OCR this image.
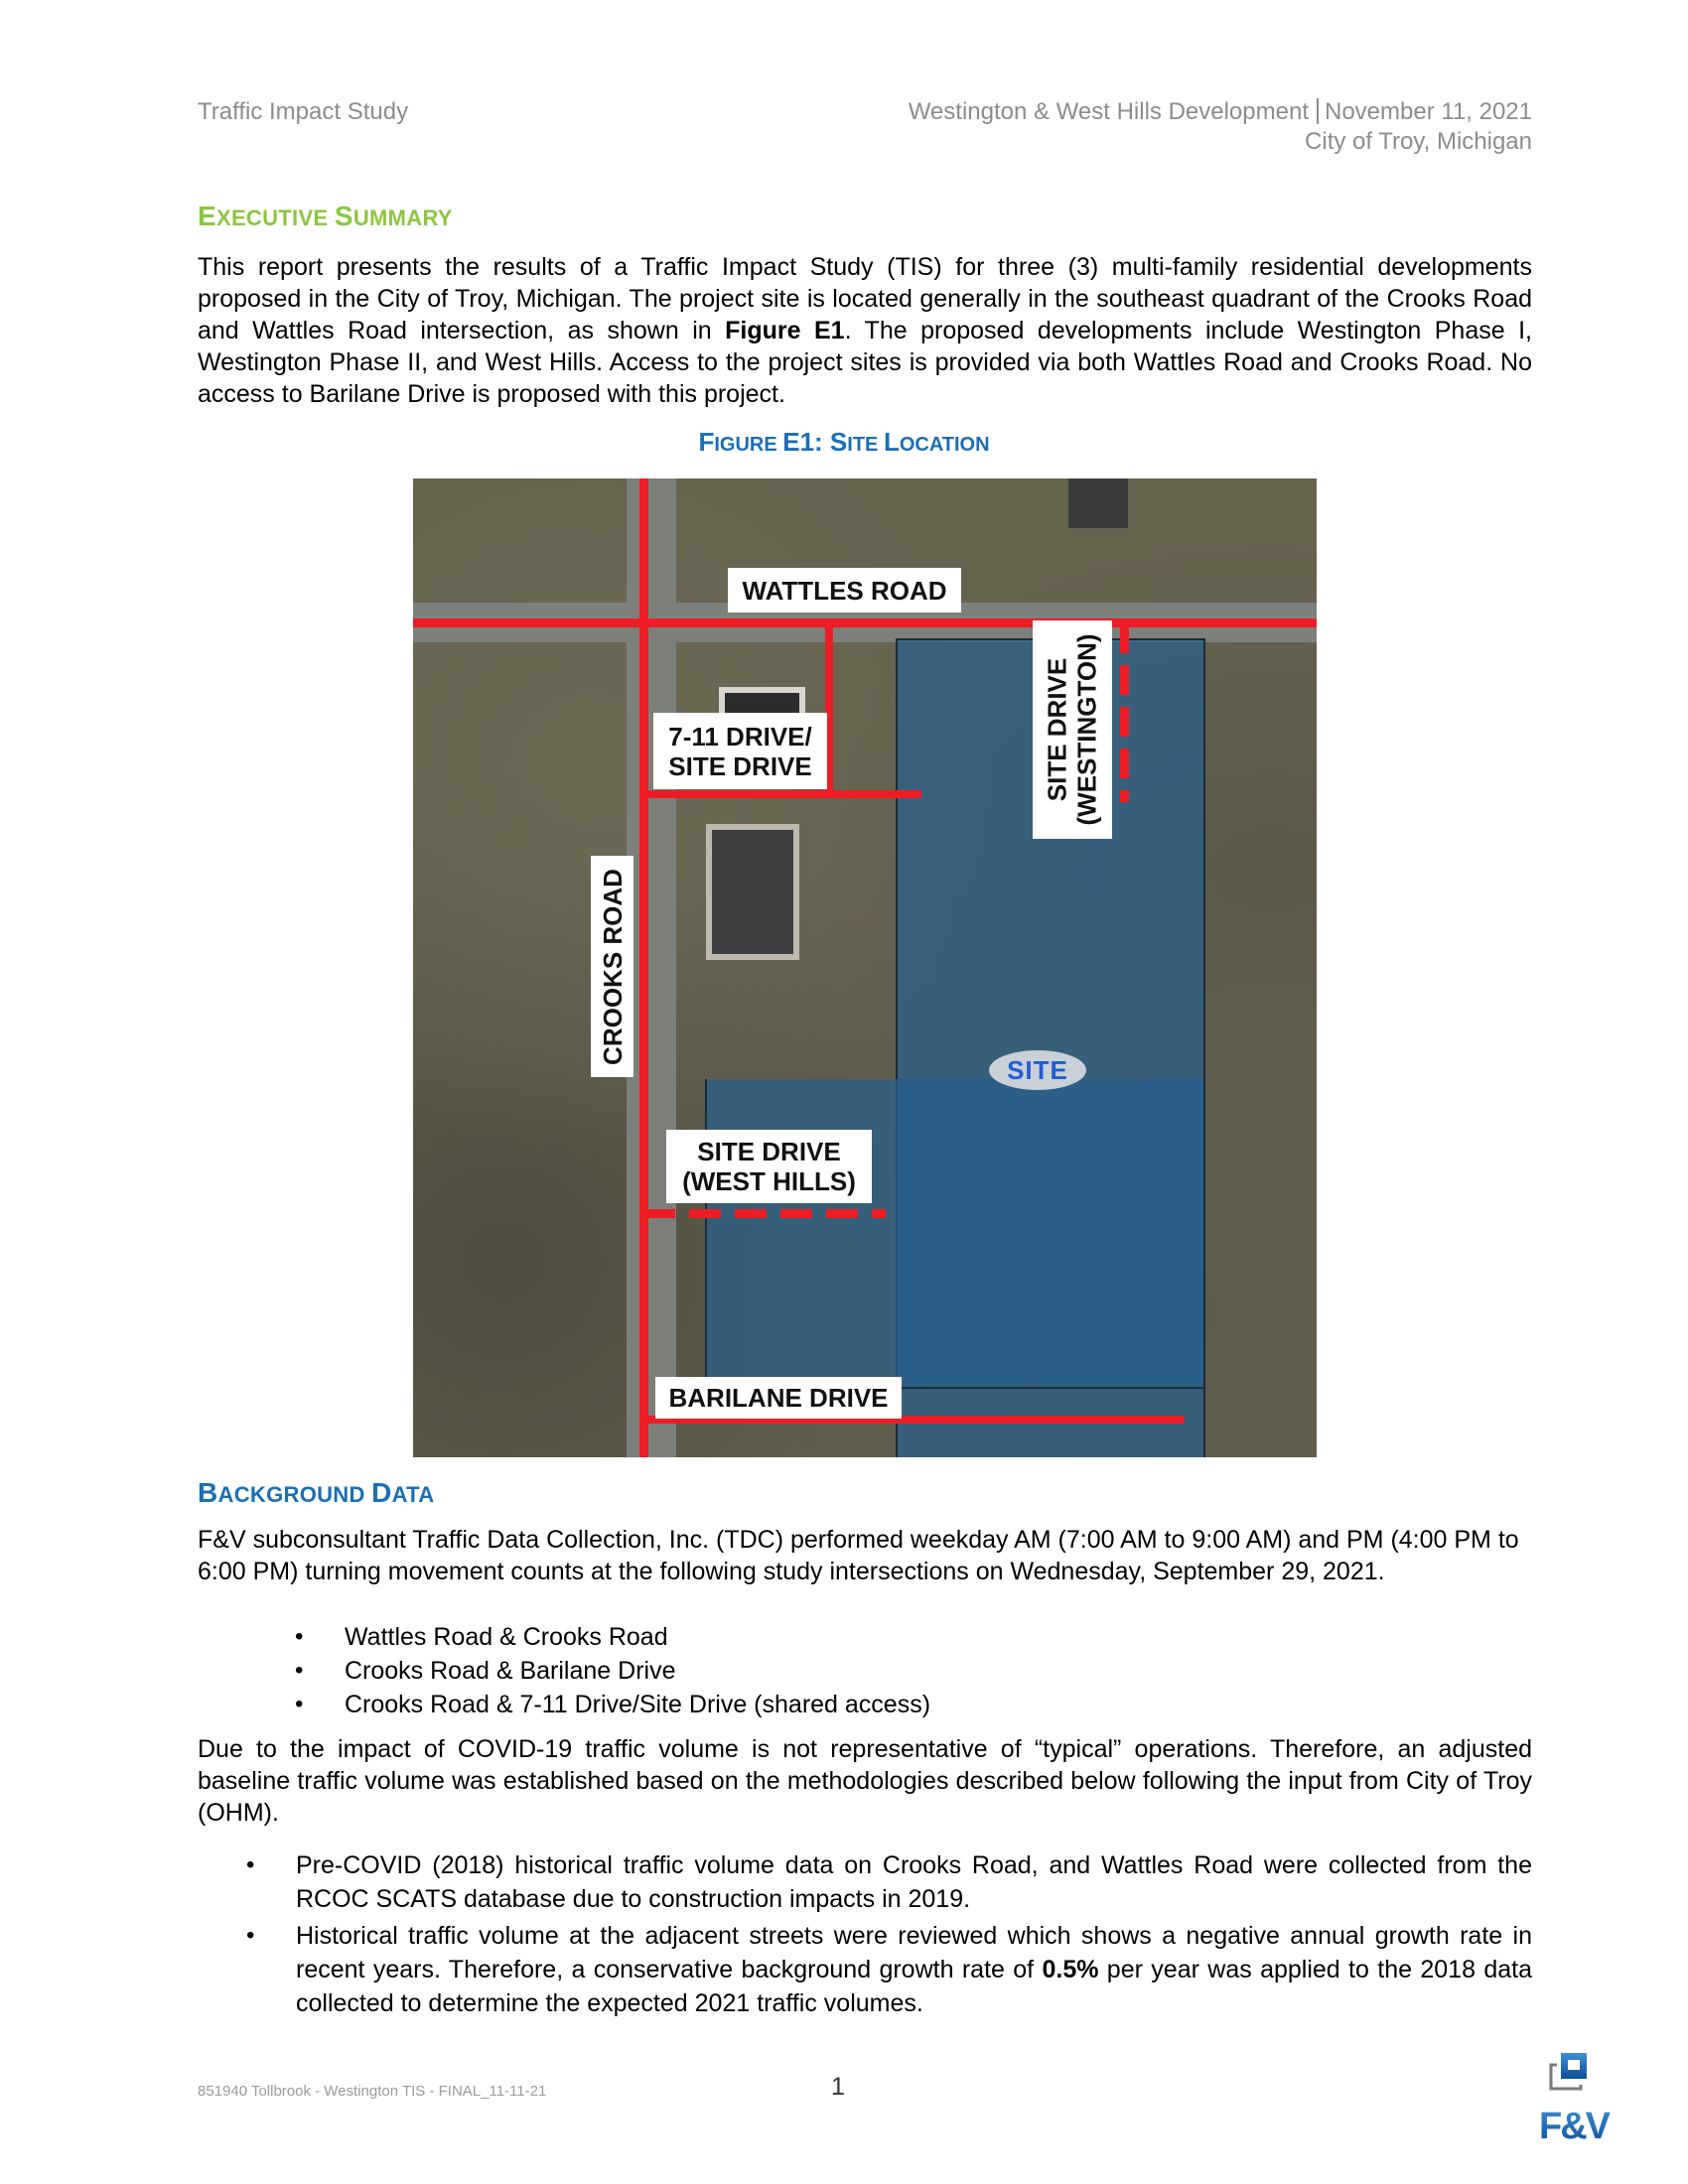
Traffic Impact Study	Westington & West Hills Development November 11, 2021
City of Troy, Michigan
EXECUTIVE SUMMARY
This report presents the results of a Traffic Impact Study (TIS) for three (3) multi-family residential developments proposed in the City of Troy, Michigan. The project site is located generally in the southeast quadrant of the Crooks Road and Wattles Road intersection, as shown in Figure E1. The proposed developments include Westington Phase I, Westington Phase II, and West Hills. Access to the project sites is provided via both Wattles Road and Crooks Road. No access to Barilane Drive is proposed with this project.
FIGURE E1: SITE LOCATION
WATTLES ROAD
7-11 DRIVE/
SITE DRIVE	SITE DRIVE (WESTINGTON)
CROOKS ROAD
SITE DRIVE
(WEST HILLS)
BARILANE DRIVE
SITE
BACKGROUND DATA
F&V subconsultant Traffic Data Collection, Inc. (TDC) performed weekday AM (7:00 AM to 9:00 AM) and PM (4:00 PM to 6:00 PM) turning movement counts at the following study intersections on Wednesday, September 29, 2021.
• Wattles Road & Crooks Road
• Crooks Road & Barilane Drive
• Crooks Road & 7-11 Drive/Site Drive (shared access)
Due to the impact of COVID-19 traffic volume is not representative of “typical” operations. Therefore, an adjusted baseline traffic volume was established based on the methodologies described below following the input from City of Troy (OHM).
• Pre-COVID (2018) historical traffic volume data on Crooks Road, and Wattles Road were collected from the RCOC SCATS database due to construction impacts in 2019.
• Historical traffic volume at the adjacent streets were reviewed which shows a negative annual growth rate in recent years. Therefore, a conservative background growth rate of 0.5% per year was applied to the 2018 data collected to determine the expected 2021 traffic volumes.
851940 Tollbrook - Westington TIS - FINAL_11-11-21	1
F&V
